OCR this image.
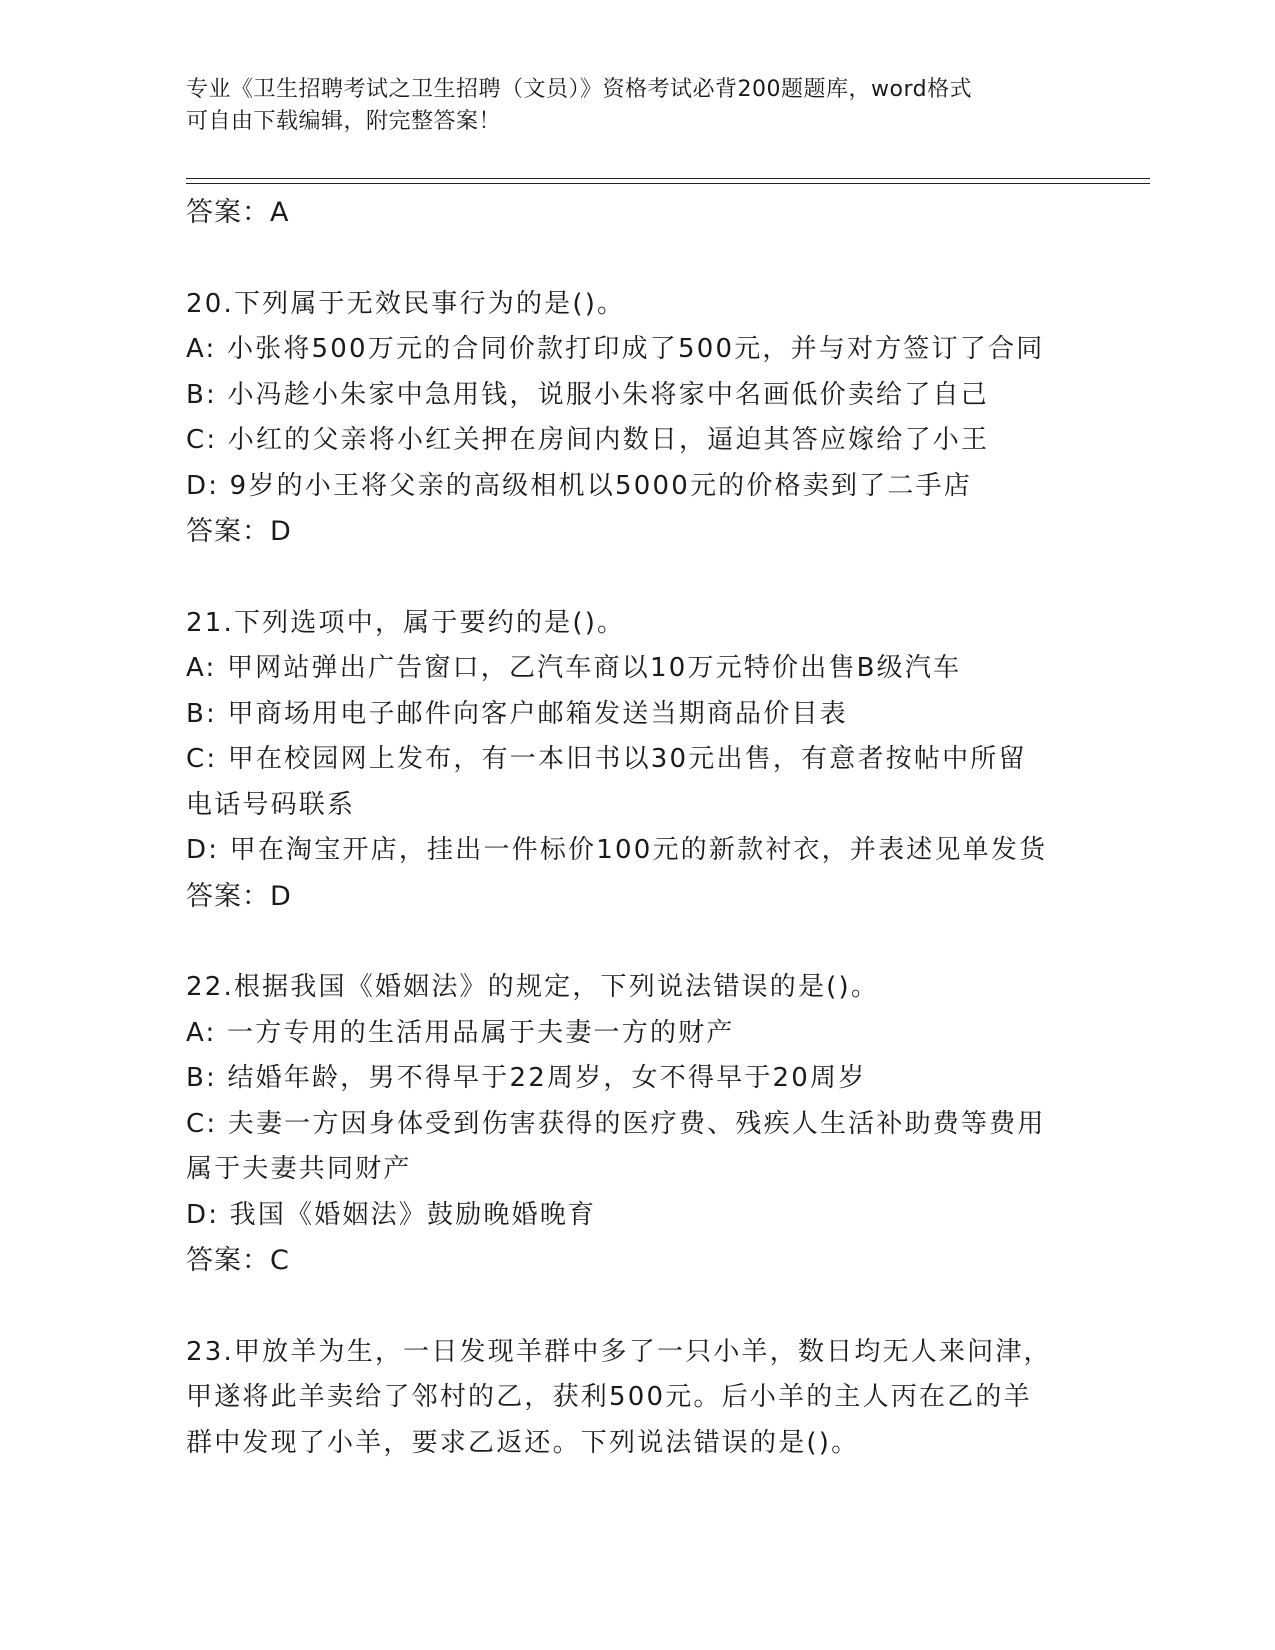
专业《卫生招聘考试之卫生招聘（文员）》资格考试必背200题题库，word格式
可自由下载编辑，附完整答案！
答案：A
20.下列属于无效民事行为的是()。
A: 小张将500万元的合同价款打印成了500元，并与对方签订了合同
B: 小冯趁小朱家中急用钱，说服小朱将家中名画低价卖给了自己
C: 小红的父亲将小红关押在房间内数日，逼迫其答应嫁给了小王
D: 9岁的小王将父亲的高级相机以5000元的价格卖到了二手店
答案：D
21.下列选项中，属于要约的是()。
A: 甲网站弹出广告窗口，乙汽车商以10万元特价出售B级汽车
B: 甲商场用电子邮件向客户邮箱发送当期商品价目表
C: 甲在校园网上发布，有一本旧书以30元出售，有意者按帖中所留
电话号码联系
D: 甲在淘宝开店，挂出一件标价100元的新款衬衣，并表述见单发货
答案：D
22.根据我国《婚姻法》的规定，下列说法错误的是()。
A: 一方专用的生活用品属于夫妻一方的财产
B: 结婚年龄，男不得早于22周岁，女不得早于20周岁
C: 夫妻一方因身体受到伤害获得的医疗费、残疾人生活补助费等费用
属于夫妻共同财产
D: 我国《婚姻法》鼓励晚婚晚育
答案：C
23.甲放羊为生，一日发现羊群中多了一只小羊，数日均无人来问津，
甲遂将此羊卖给了邻村的乙，获利500元。后小羊的主人丙在乙的羊
群中发现了小羊，要求乙返还。下列说法错误的是()。
